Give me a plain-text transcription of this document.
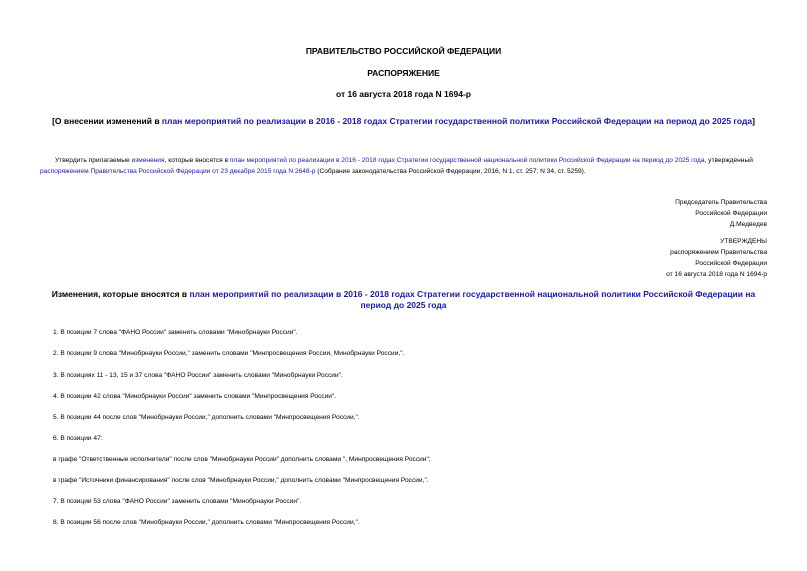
ПРАВИТЕЛЬСТВО РОССИЙСКОЙ ФЕДЕРАЦИИ
РАСПОРЯЖЕНИЕ
от 16 августа 2018 года N 1694-р
[О внесении изменений в план мероприятий по реализации в 2016 - 2018 годах Стратегии государственной политики Российской Федерации на период до 2025 года]
Утвердить прилагаемые изменения, которые вносятся в план мероприятий по реализации в 2016 - 2018 годах Стратегии государственной национальной политики Российской Федерации на период до 2025 года, утвержденный распоряжением Правительства Российской Федерации от 23 декабря 2015 года N 2648-р (Собрание законодательства Российской Федерации, 2016, N 1, ст. 257; N 34, ст. 5259).
Председатель Правительства
Российской Федерации
Д.Медведев
УТВЕРЖДЕНЫ
распоряжением Правительства
Российской Федерации
от 16 августа 2018 года N 1694-р
Изменения, которые вносятся в план мероприятий по реализации в 2016 - 2018 годах Стратегии государственной национальной политики Российской Федерации на период до 2025 года
1. В позиции 7 слова "ФАНО России" заменить словами "Минобрнауки России".
2. В позиции 9 слова "Минобрнауки России," заменить словами "Минпросвещения России, Минобрнауки России,".
3. В позициях 11 - 13, 15 и 37 слова "ФАНО России" заменить словами "Минобрнауки России".
4. В позиции 42 слова "Минобрнауки России" заменить словами "Минпросвещения России".
5. В позиции 44 после слов "Минобрнауки России," дополнить словами "Минпросвещения России,".
6. В позиции 47:
в графе "Ответственные исполнители" после слов "Минобрнауки России" дополнить словами ", Минпросвещения России";
в графе "Источники финансирования" после слов "Минобрнауки России," дополнить словами "Минпросвещения России,".
7. В позиции 53 слова "ФАНО России" заменить словами "Минобрнауки России".
8. В позиции 56 после слов "Минобрнауки России," дополнить словами "Минпросвещения России,".
